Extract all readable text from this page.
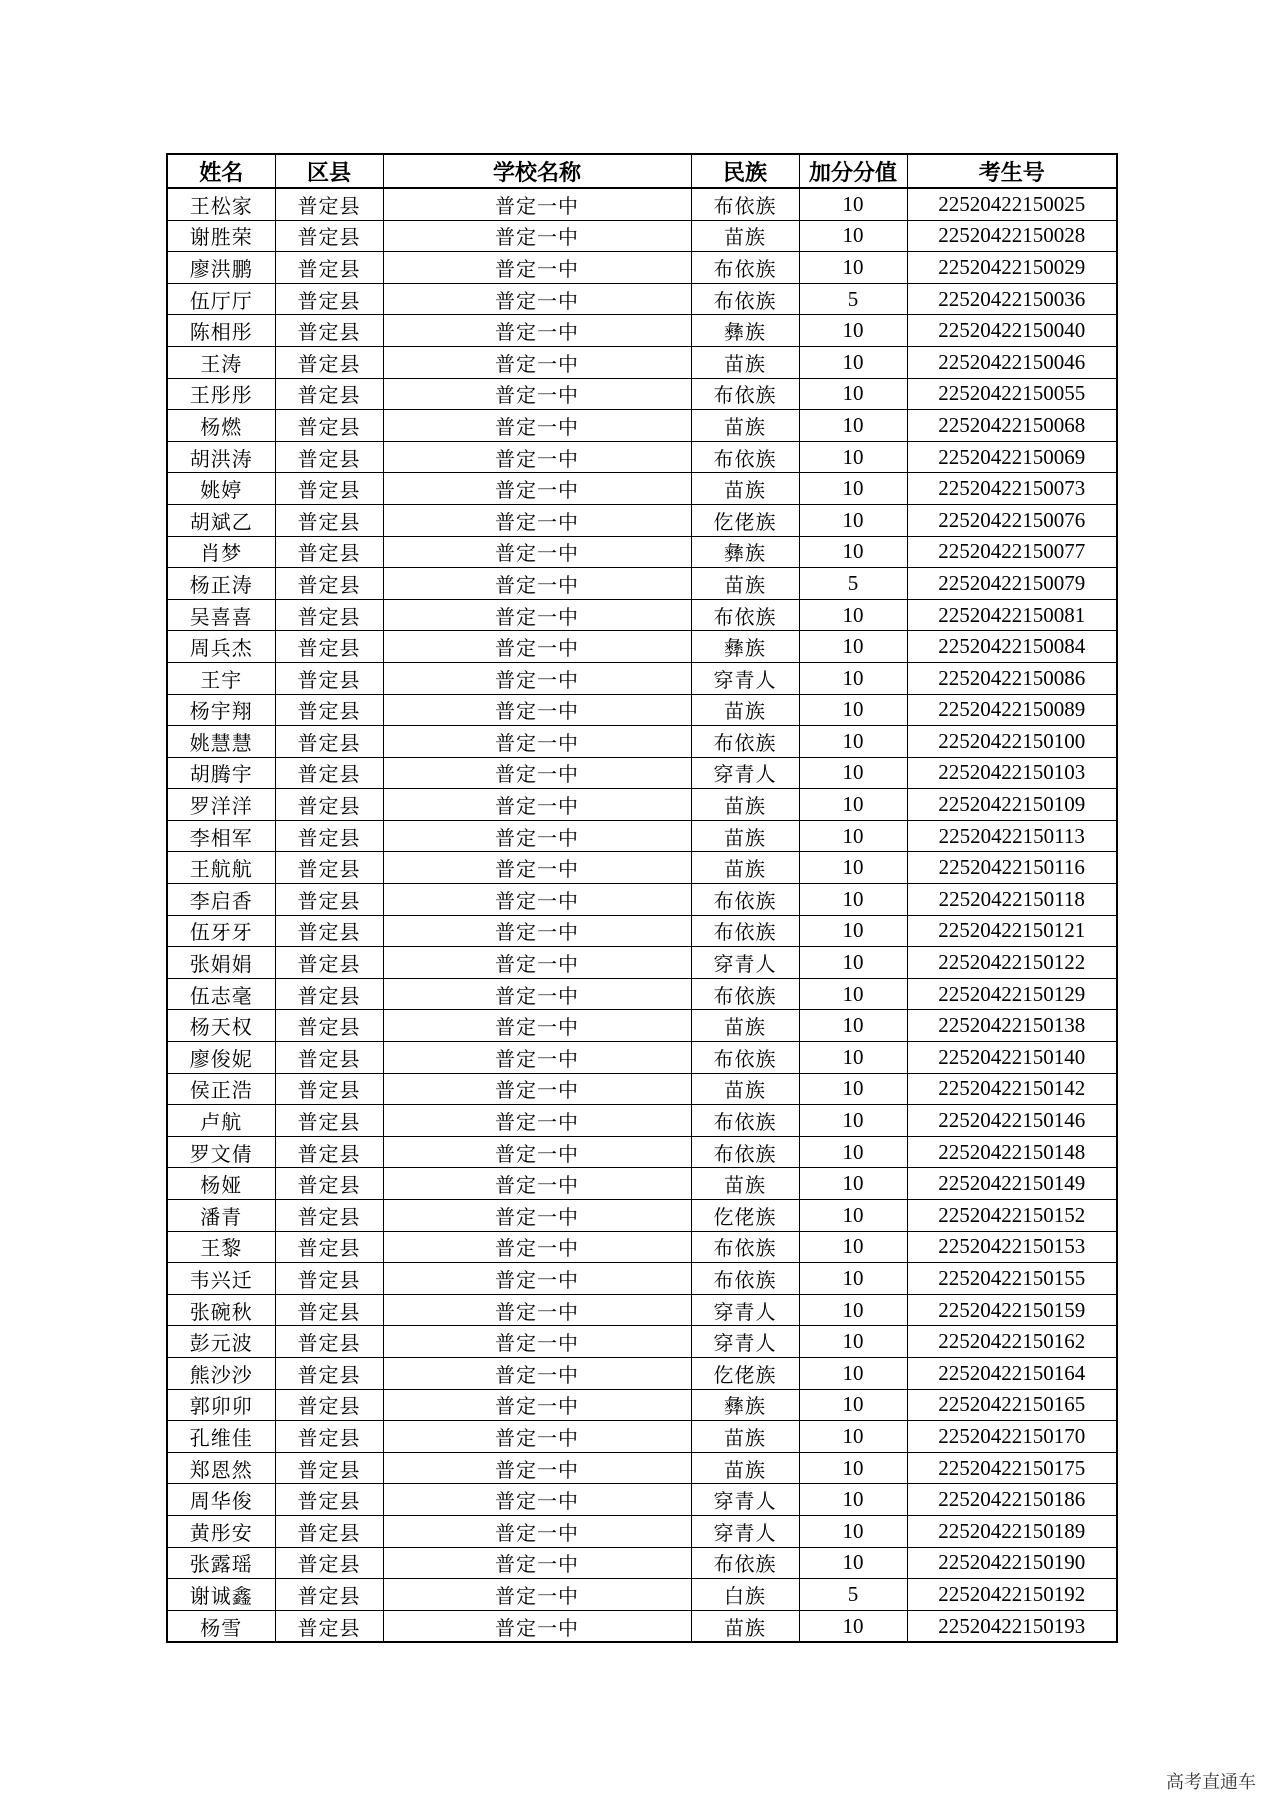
姓名	区县	学校名称	民族	加分分值	考生号
王松家	普定县	普定一中	布依族	10	22520422150025
谢胜荣	普定县	普定一中	苗族	10	22520422150028
廖洪鹏	普定县	普定一中	布依族	10	22520422150029
伍厅厅	普定县	普定一中	布依族	5	22520422150036
陈相彤	普定县	普定一中	彝族	10	22520422150040
王涛	普定县	普定一中	苗族	10	22520422150046
王彤彤	普定县	普定一中	布依族	10	22520422150055
杨燃	普定县	普定一中	苗族	10	22520422150068
胡洪涛	普定县	普定一中	布依族	10	22520422150069
姚婷	普定县	普定一中	苗族	10	22520422150073
胡斌乙	普定县	普定一中	仡佬族	10	22520422150076
肖梦	普定县	普定一中	彝族	10	22520422150077
杨正涛	普定县	普定一中	苗族	5	22520422150079
吴喜喜	普定县	普定一中	布依族	10	22520422150081
周兵杰	普定县	普定一中	彝族	10	22520422150084
王宇	普定县	普定一中	穿青人	10	22520422150086
杨宇翔	普定县	普定一中	苗族	10	22520422150089
姚慧慧	普定县	普定一中	布依族	10	22520422150100
胡腾宇	普定县	普定一中	穿青人	10	22520422150103
罗洋洋	普定县	普定一中	苗族	10	22520422150109
李相军	普定县	普定一中	苗族	10	22520422150113
王航航	普定县	普定一中	苗族	10	22520422150116
李启香	普定县	普定一中	布依族	10	22520422150118
伍牙牙	普定县	普定一中	布依族	10	22520422150121
张娟娟	普定县	普定一中	穿青人	10	22520422150122
伍志毫	普定县	普定一中	布依族	10	22520422150129
杨天权	普定县	普定一中	苗族	10	22520422150138
廖俊妮	普定县	普定一中	布依族	10	22520422150140
侯正浩	普定县	普定一中	苗族	10	22520422150142
卢航	普定县	普定一中	布依族	10	22520422150146
罗文倩	普定县	普定一中	布依族	10	22520422150148
杨娅	普定县	普定一中	苗族	10	22520422150149
潘青	普定县	普定一中	仡佬族	10	22520422150152
王黎	普定县	普定一中	布依族	10	22520422150153
韦兴迁	普定县	普定一中	布依族	10	22520422150155
张碗秋	普定县	普定一中	穿青人	10	22520422150159
彭元波	普定县	普定一中	穿青人	10	22520422150162
熊沙沙	普定县	普定一中	仡佬族	10	22520422150164
郭卯卯	普定县	普定一中	彝族	10	22520422150165
孔维佳	普定县	普定一中	苗族	10	22520422150170
郑恩然	普定县	普定一中	苗族	10	22520422150175
周华俊	普定县	普定一中	穿青人	10	22520422150186
黄彤安	普定县	普定一中	穿青人	10	22520422150189
张露瑶	普定县	普定一中	布依族	10	22520422150190
谢诚鑫	普定县	普定一中	白族	5	22520422150192
杨雪	普定县	普定一中	苗族	10	22520422150193
高考直通车
